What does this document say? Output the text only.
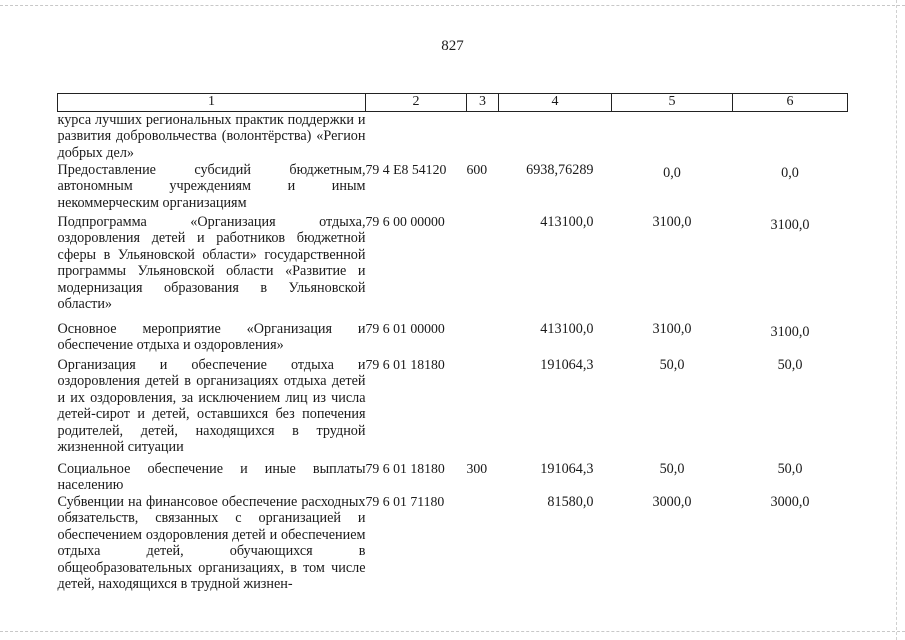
827
1	2	3	4	5	6
курса лучших региональных практик поддержки и развития добровольчества (волонтёрства) «Регион добрых дел»					
Предоставление субсидий бюджетным, автономным учреждениям и иным некоммерческим организациям	79 4 E8 54120	600	6938,76289	0,0	0,0
Подпрограмма «Организация отдыха, оздоровления детей и работников бюджетной сферы в Ульяновской области» государственной программы Ульяновской области «Развитие и модернизация образования в Ульяновской области»	79 6 00 00000		413100,0	3100,0	3100,0
Основное мероприятие «Организация и обеспечение отдыха и оздоровления»	79 6 01 00000		413100,0	3100,0	3100,0
Организация и обеспечение отдыха и оздоровления детей в организациях отдыха детей и их оздоровления, за исключением лиц из числа детей-сирот и детей, оставшихся без попечения родителей, детей, находящихся в трудной жизненной ситуации	79 6 01 18180		191064,3	50,0	50,0
Социальное обеспечение и иные выплаты населению	79 6 01 18180	300	191064,3	50,0	50,0
Субвенции на финансовое обеспечение расходных обязательств, связанных с организацией и обеспечением оздоровления детей и обеспечением отдыха детей, обучающихся в общеобразовательных организациях, в том числе детей, находящихся в трудной жизнен-	79 6 01 71180		81580,0	3000,0	3000,0
